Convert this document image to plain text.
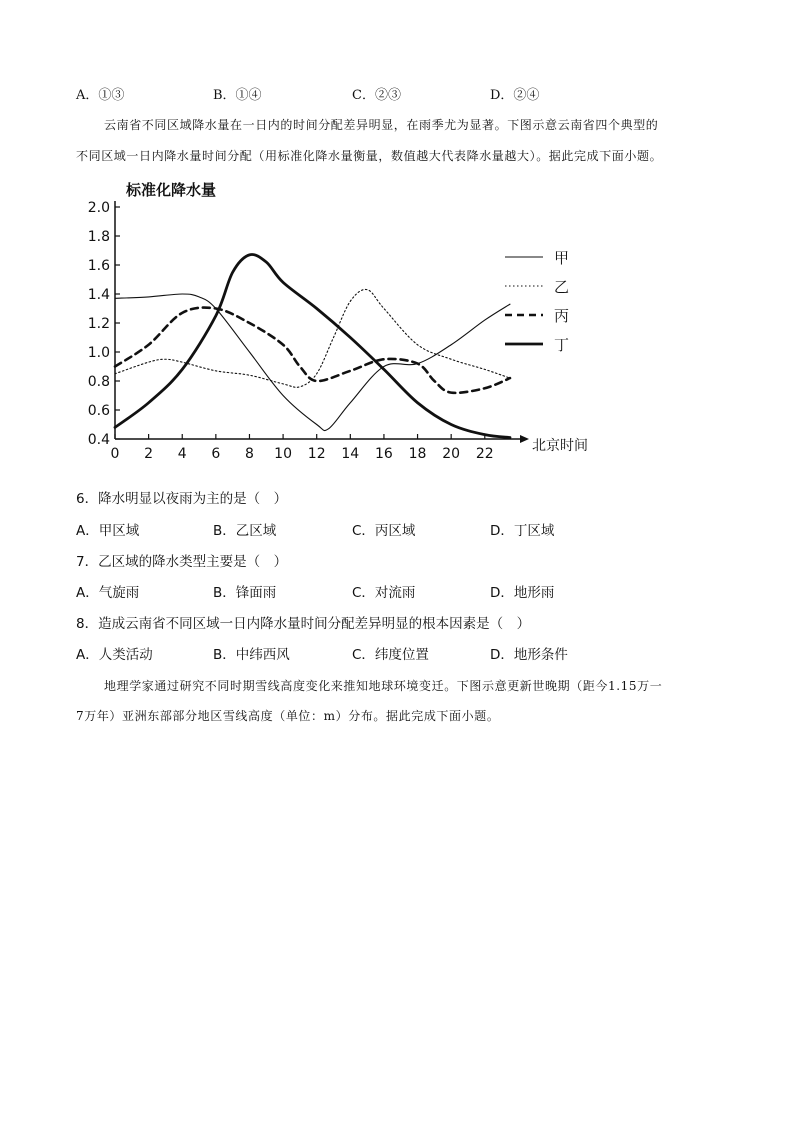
A．①③	B．①④	C．②③	D．②④
云南省不同区域降水量在一日内的时间分配差异明显，在雨季尤为显著。下图示意云南省四个典型的
不同区域一日内降水量时间分配（用标准化降水量衡量，数值越大代表降水量越大）。据此完成下面小题。
标准化降水量
2.0
1.8
1.6
1.4
1.2
1.0
0.8
0.6
0.4
0 2 4 6 8 10 12 14 16 18 20 22
甲
乙
丙
丁
北京时间
6．降水明显以夜雨为主的是（　）
A．甲区域	B．乙区域	C．丙区域	D．丁区域
7．乙区域的降水类型主要是（　）
A．气旋雨	B．锋面雨	C．对流雨	D．地形雨
8．造成云南省不同区域一日内降水量时间分配差异明显的根本因素是（　）
A．人类活动	B．中纬西风	C．纬度位置	D．地形条件
地理学家通过研究不同时期雪线高度变化来推知地球环境变迁。下图示意更新世晚期（距今1.15万一
7万年）亚洲东部部分地区雪线高度（单位：m）分布。据此完成下面小题。
